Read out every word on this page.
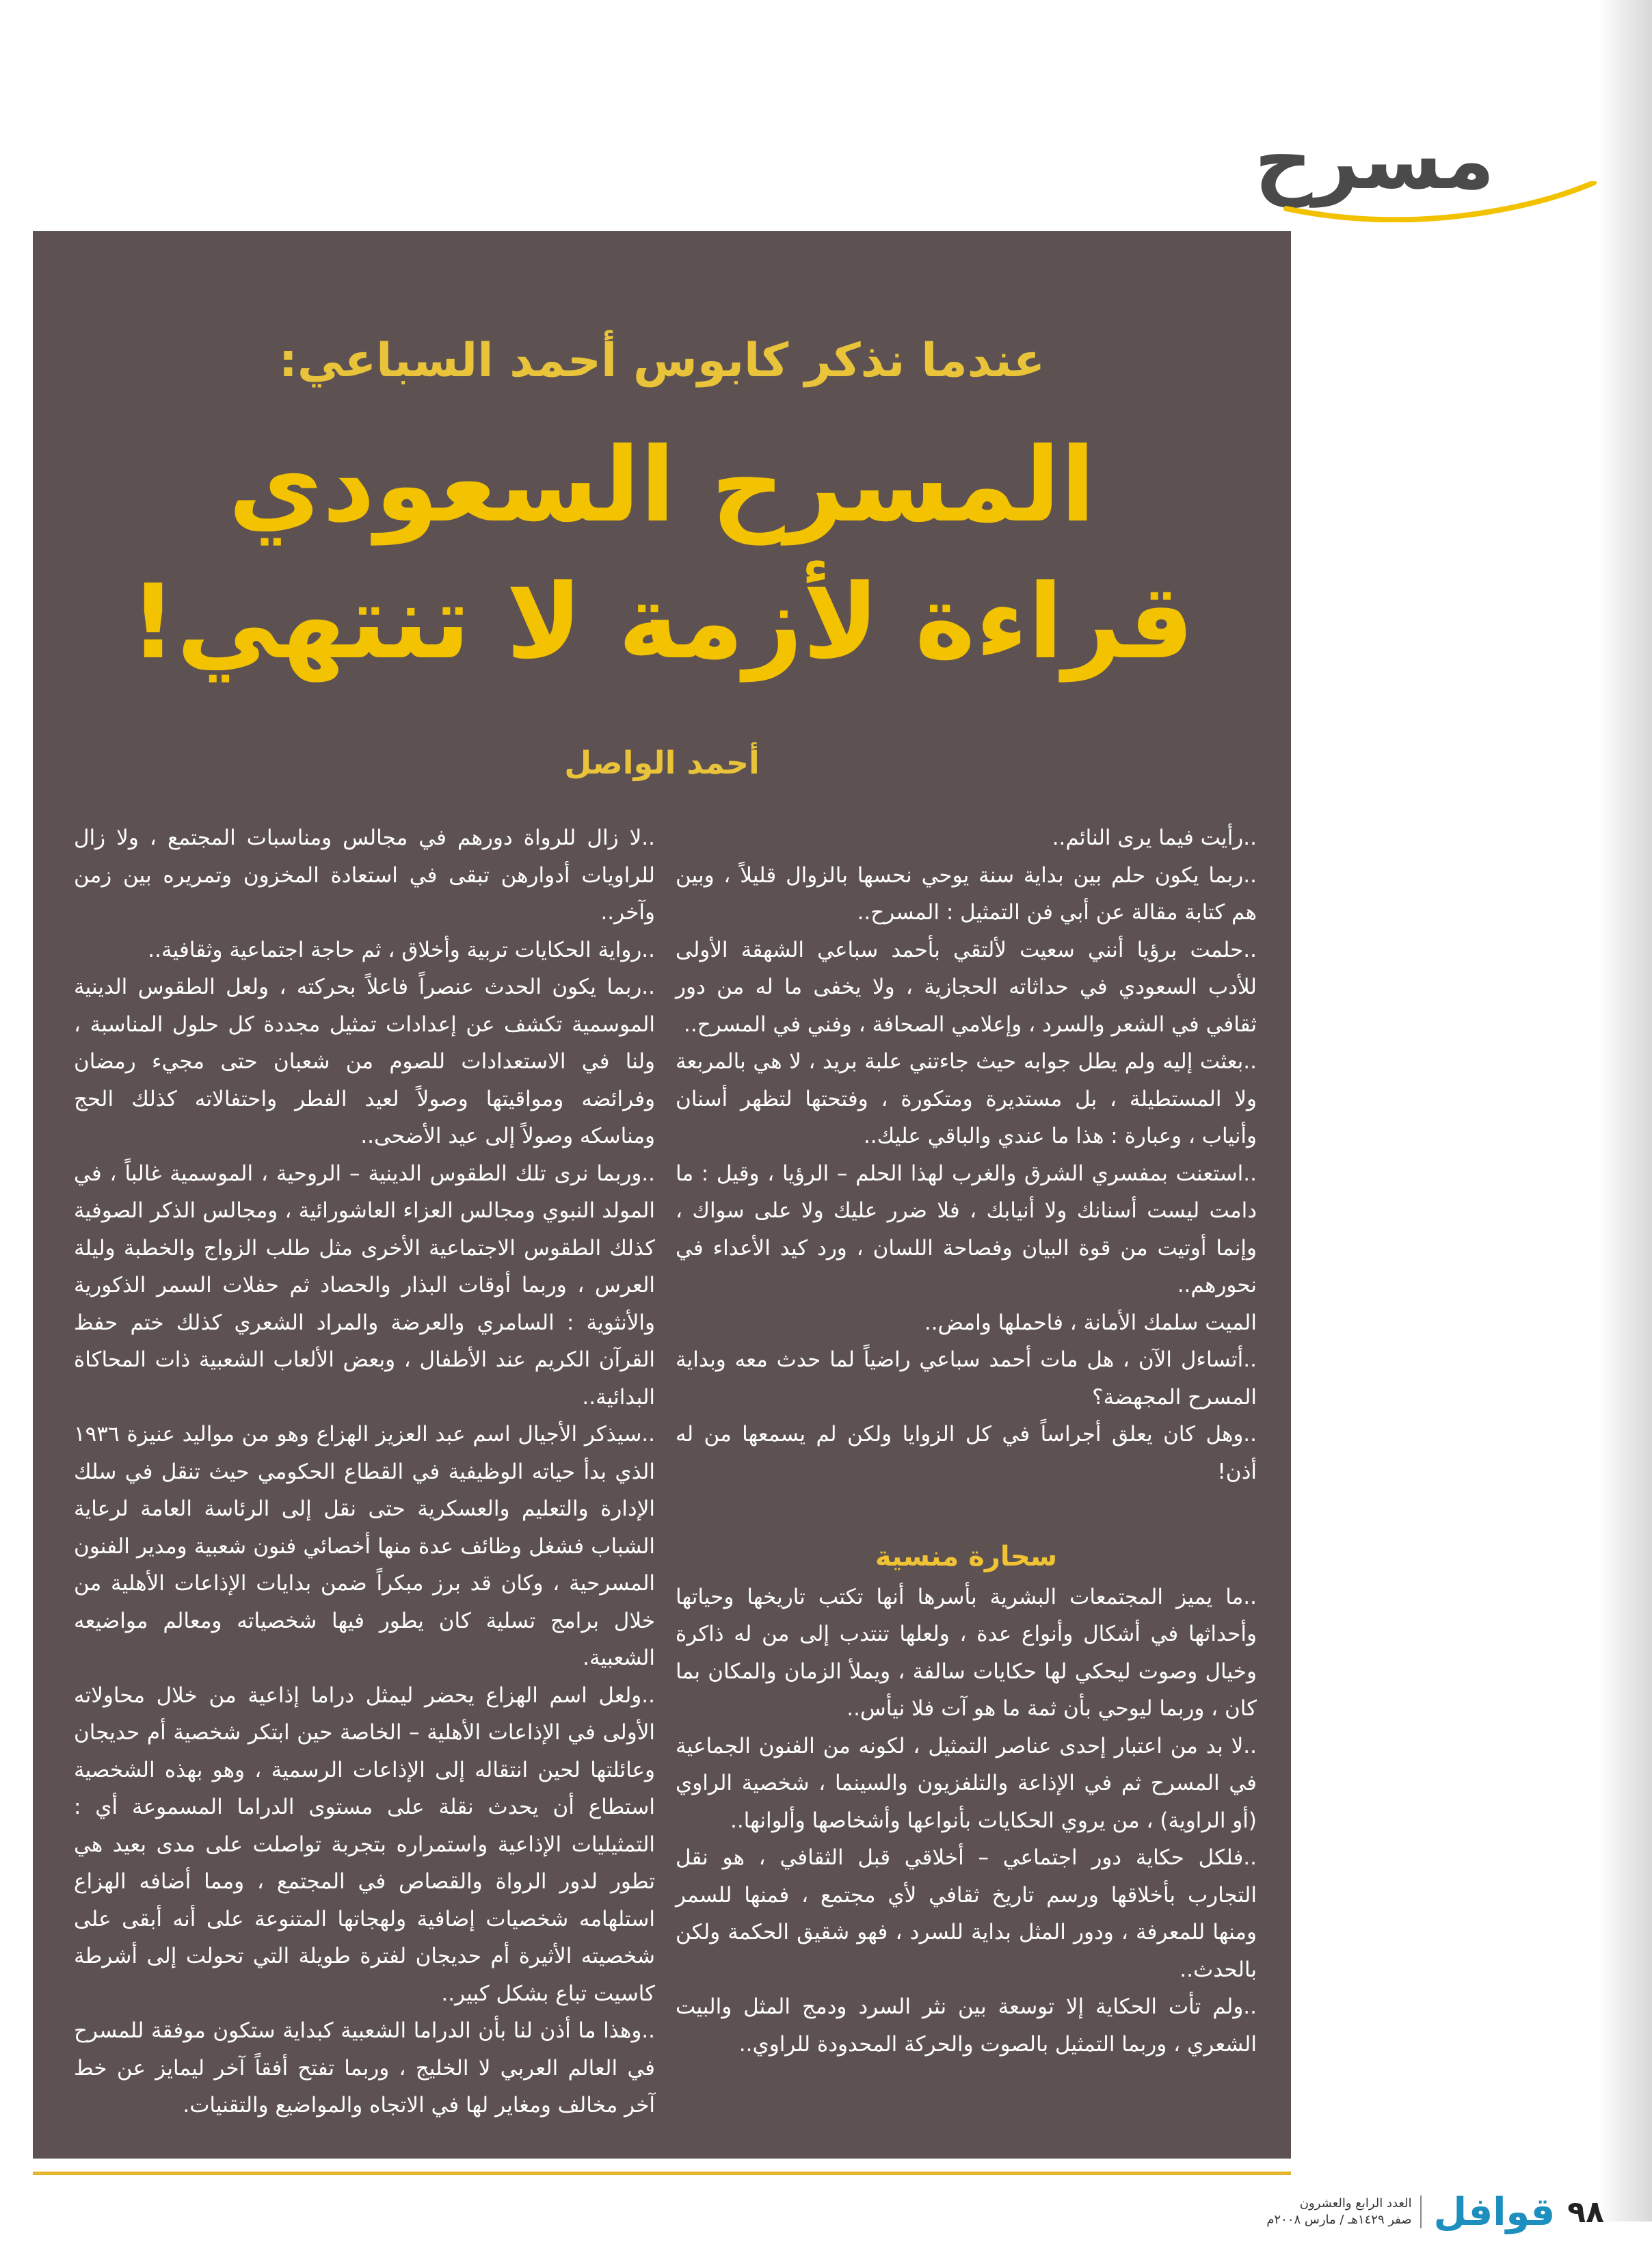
مسرح
عندما نذكر كابوس أحمد السباعي:
المسرح السعودي
قراءة لأزمة لا تنتهي!
أحمد الواصل

..رأيت فيما يرى النائم..

..ربما يكون حلم بين بداية سنة يوحي نحسها بالزوال قليلاً ، وبين هم كتابة مقالة عن أبي فن التمثيل : المسرح..

..حلمت برؤيا أنني سعيت لألتقي بأحمد سباعي الشهقة الأولى للأدب السعودي في حداثاته الحجازية ، ولا يخفى ما له من دور ثقافي في الشعر والسرد ، وإعلامي الصحافة ، وفني في المسرح..

..بعثت إليه ولم يطل جوابه حيث جاءتني علبة بريد ، لا هي بالمربعة ولا المستطيلة ، بل مستديرة ومتكورة ، وفتحتها لتظهر أسنان وأنياب ، وعبارة : هذا ما عندي والباقي عليك..

..استعنت بمفسري الشرق والغرب لهذا الحلم – الرؤيا ، وقيل : ما دامت ليست أسنانك ولا أنيابك ، فلا ضرر عليك ولا على سواك ، وإنما أوتيت من قوة البيان وفصاحة اللسان ، ورد كيد الأعداء في نحورهم..

الميت سلمك الأمانة ، فاحملها وامض..

..أتساءل الآن ، هل مات أحمد سباعي راضياً لما حدث معه وبداية المسرح المجهضة؟

..وهل كان يعلق أجراساً في كل الزوايا ولكن لم يسمعها من له أذن!

سحارة منسية

..ما يميز المجتمعات البشرية بأسرها أنها تكتب تاريخها وحياتها وأحداثها في أشكال وأنواع عدة ، ولعلها تنتدب إلى من له ذاكرة وخيال وصوت ليحكي لها حكايات سالفة ، ويملأ الزمان والمكان بما كان ، وربما ليوحي بأن ثمة ما هو آت فلا نيأس..

..لا بد من اعتبار إحدى عناصر التمثيل ، لكونه من الفنون الجماعية في المسرح ثم في الإذاعة والتلفزيون والسينما ، شخصية الراوي (أو الراوية) ، من يروي الحكايات بأنواعها وأشخاصها وألوانها..

..فلكل حكاية دور اجتماعي – أخلاقي قبل الثقافي ، هو نقل التجارب بأخلاقها ورسم تاريخ ثقافي لأي مجتمع ، فمنها للسمر ومنها للمعرفة ، ودور المثل بداية للسرد ، فهو شقيق الحكمة ولكن بالحدث..

..ولم تأت الحكاية إلا توسعة بين نثر السرد ودمج المثل والبيت الشعري ، وربما التمثيل بالصوت والحركة المحدودة للراوي..

..لا زال للرواة دورهم في مجالس ومناسبات المجتمع ، ولا زال للراويات أدوارهن تبقى في استعادة المخزون وتمريره بين زمن وآخر..

..رواية الحكايات تربية وأخلاق ، ثم حاجة اجتماعية وثقافية..

..ربما يكون الحدث عنصراً فاعلاً بحركته ، ولعل الطقوس الدينية الموسمية تكشف عن إعدادات تمثيل مجددة كل حلول المناسبة ، ولنا في الاستعدادات للصوم من شعبان حتى مجيء رمضان وفرائضه ومواقيتها وصولاً لعيد الفطر واحتفالاته كذلك الحج ومناسكه وصولاً إلى عيد الأضحى..

..وربما نرى تلك الطقوس الدينية – الروحية ، الموسمية غالباً ، في المولد النبوي ومجالس العزاء العاشورائية ، ومجالس الذكر الصوفية كذلك الطقوس الاجتماعية الأخرى مثل طلب الزواج والخطبة وليلة العرس ، وربما أوقات البذار والحصاد ثم حفلات السمر الذكورية والأنثوية : السامري والعرضة والمراد الشعري كذلك ختم حفظ القرآن الكريم عند الأطفال ، وبعض الألعاب الشعبية ذات المحاكاة البدائية..

..سيذكر الأجيال اسم عبد العزيز الهزاع وهو من مواليد عنيزة ١٩٣٦ الذي بدأ حياته الوظيفية في القطاع الحكومي حيث تنقل في سلك الإدارة والتعليم والعسكرية حتى نقل إلى الرئاسة العامة لرعاية الشباب فشغل وظائف عدة منها أخصائي فنون شعبية ومدير الفنون المسرحية ، وكان قد برز مبكراً ضمن بدايات الإذاعات الأهلية من خلال برامج تسلية كان يطور فيها شخصياته ومعالم مواضيعه الشعبية.

..ولعل اسم الهزاع يحضر ليمثل دراما إذاعية من خلال محاولاته الأولى في الإذاعات الأهلية – الخاصة حين ابتكر شخصية أم حديجان وعائلتها لحين انتقاله إلى الإذاعات الرسمية ، وهو بهذه الشخصية استطاع أن يحدث نقلة على مستوى الدراما المسموعة أي : التمثيليات الإذاعية واستمراره بتجربة تواصلت على مدى بعيد هي تطور لدور الرواة والقصاص في المجتمع ، ومما أضافه الهزاع استلهامه شخصيات إضافية ولهجاتها المتنوعة على أنه أبقى على شخصيته الأثيرة أم حديجان لفترة طويلة التي تحولت إلى أشرطة كاسيت تباع بشكل كبير..

..وهذا ما أذن لنا بأن الدراما الشعبية كبداية ستكون موفقة للمسرح في العالم العربي لا الخليج ، وربما تفتح أفقاً آخر ليمايز عن خط آخر مخالف ومغاير لها في الاتجاه والمواضيع والتقنيات.

٩٨
قوافل
العدد الرابع والعشرون
صفر ١٤٢٩هـ / مارس ٢٠٠٨م
